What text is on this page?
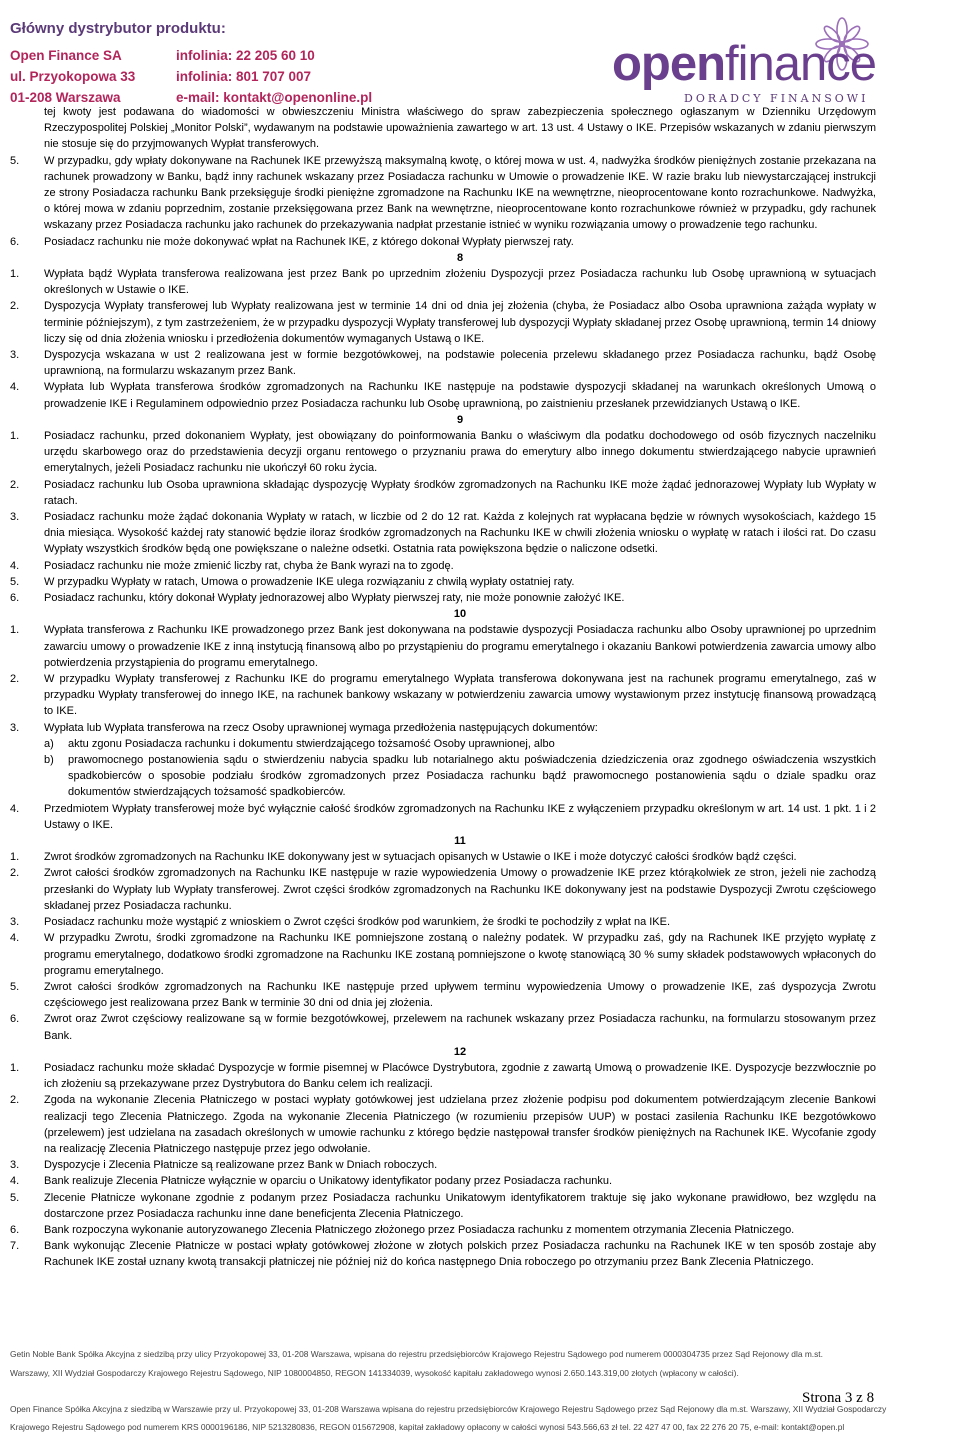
Główny dystrybutor produktu:
Open Finance SA	infolinia: 22 205 60 10
ul. Przyokopowa 33	infolinia: 801 707 007
01-208 Warszawa	e-mail: kontakt@openonline.pl
openfinance
DORADCY FINANSOWI
tej kwoty jest podawana do wiadomości w obwieszczeniu Ministra właściwego do spraw zabezpieczenia społecznego ogłaszanym w Dzienniku Urzędowym Rzeczypospolitej Polskiej „Monitor Polski”, wydawanym na podstawie upoważnienia zawartego w art. 13 ust. 4 Ustawy o IKE. Przepisów wskazanych w zdaniu pierwszym nie stosuje się do przyjmowanych Wypłat transferowych.
5.	W przypadku, gdy wpłaty dokonywane na Rachunek IKE przewyższą maksymalną kwotę, o której mowa w ust. 4, nadwyżka środków pieniężnych zostanie przekazana na rachunek prowadzony w Banku, bądź inny rachunek wskazany przez Posiadacza rachunku w Umowie o prowadzenie IKE. W razie braku lub niewystarczającej instrukcji ze strony Posiadacza rachunku Bank przeksięguje środki pieniężne zgromadzone na Rachunku IKE na wewnętrzne, nieoprocentowane konto rozrachunkowe. Nadwyżka, o której mowa w zdaniu poprzednim, zostanie przeksięgowana przez Bank na wewnętrzne, nieoprocentowane konto rozrachunkowe również w przypadku, gdy rachunek wskazany przez Posiadacza rachunku jako rachunek do przekazywania nadpłat przestanie istnieć w wyniku rozwiązania umowy o prowadzenie tego rachunku.
6.	Posiadacz rachunku nie może dokonywać wpłat na Rachunek IKE, z którego dokonał Wypłaty pierwszej raty.
8
1.	Wypłata bądź Wypłata transferowa realizowana jest przez Bank po uprzednim złożeniu Dyspozycji przez Posiadacza rachunku lub Osobę uprawnioną w sytuacjach określonych w Ustawie o IKE.
2.	Dyspozycja Wypłaty transferowej lub Wypłaty realizowana jest w terminie 14 dni od dnia jej złożenia (chyba, że Posiadacz albo Osoba uprawniona zażąda wypłaty w terminie późniejszym), z tym zastrzeżeniem, że w przypadku dyspozycji Wypłaty transferowej lub dyspozycji Wypłaty składanej przez Osobę uprawnioną, termin 14 dniowy liczy się od dnia złożenia wniosku i przedłożenia dokumentów wymaganych Ustawą o IKE.
3.	Dyspozycja wskazana w ust 2 realizowana jest w formie bezgotówkowej, na podstawie polecenia przelewu składanego przez Posiadacza rachunku, bądź Osobę uprawnioną, na formularzu wskazanym przez Bank.
4.	Wypłata lub Wypłata transferowa środków zgromadzonych na Rachunku IKE następuje na podstawie dyspozycji składanej na warunkach określonych Umową o prowadzenie IKE i Regulaminem odpowiednio przez Posiadacza rachunku lub Osobę uprawnioną, po zaistnieniu przesłanek przewidzianych Ustawą o IKE.
9
1.	Posiadacz rachunku, przed dokonaniem Wypłaty, jest obowiązany do poinformowania Banku o właściwym dla podatku dochodowego od osób fizycznych naczelniku urzędu skarbowego oraz do przedstawienia decyzji organu rentowego o przyznaniu prawa do emerytury albo innego dokumentu stwierdzającego nabycie uprawnień emerytalnych, jeżeli Posiadacz rachunku nie ukończył 60 roku życia.
2.	Posiadacz rachunku lub Osoba uprawniona składając dyspozycję Wypłaty środków zgromadzonych na Rachunku IKE może żądać jednorazowej Wypłaty lub Wypłaty w ratach.
3.	Posiadacz rachunku może żądać dokonania Wypłaty w ratach, w liczbie od 2 do 12 rat. Każda z kolejnych rat wypłacana będzie w równych wysokościach, każdego 15 dnia miesiąca. Wysokość każdej raty stanowić będzie iloraz środków zgromadzonych na Rachunku IKE w chwili złożenia wniosku o wypłatę w ratach i ilości rat. Do czasu Wypłaty wszystkich środków będą one powiększane o należne odsetki. Ostatnia rata powiększona będzie o naliczone odsetki.
4.	Posiadacz rachunku nie może zmienić liczby rat, chyba że Bank wyrazi na to zgodę.
5.	W przypadku Wypłaty w ratach, Umowa o prowadzenie IKE ulega rozwiązaniu z chwilą wypłaty ostatniej raty.
6.	Posiadacz rachunku, który dokonał Wypłaty jednorazowej albo Wypłaty pierwszej raty, nie może ponownie założyć IKE.
10
1.	Wypłata transferowa z Rachunku IKE prowadzonego przez Bank jest dokonywana na podstawie dyspozycji Posiadacza rachunku albo Osoby uprawnionej po uprzednim zawarciu umowy o prowadzenie IKE z inną instytucją finansową albo po przystąpieniu do programu emerytalnego i okazaniu Bankowi potwierdzenia zawarcia umowy albo potwierdzenia przystąpienia do programu emerytalnego.
2.	W przypadku Wypłaty transferowej z Rachunku IKE do programu emerytalnego Wypłata transferowa dokonywana jest na rachunek programu emerytalnego, zaś w przypadku Wypłaty transferowej do innego IKE, na rachunek bankowy wskazany w potwierdzeniu zawarcia umowy wystawionym przez instytucję finansową prowadzącą to IKE.
3.	Wypłata lub Wypłata transferowa na rzecz Osoby uprawnionej wymaga przedłożenia następujących dokumentów:
a)	aktu zgonu Posiadacza rachunku i dokumentu stwierdzającego tożsamość Osoby uprawnionej, albo
b)	prawomocnego postanowienia sądu o stwierdzeniu nabycia spadku lub notarialnego aktu poświadczenia dziedziczenia oraz zgodnego oświadczenia wszystkich spadkobierców o sposobie podziału środków zgromadzonych przez Posiadacza rachunku bądź prawomocnego postanowienia sądu o dziale spadku oraz dokumentów stwierdzających tożsamość spadkobierców.
4.	Przedmiotem Wypłaty transferowej może być wyłącznie całość środków zgromadzonych na Rachunku IKE z wyłączeniem przypadku określonym w art. 14 ust. 1 pkt. 1 i 2 Ustawy o IKE.
11
1.	Zwrot środków zgromadzonych na Rachunku IKE dokonywany jest w sytuacjach opisanych w Ustawie o IKE i może dotyczyć całości środków bądź części.
2.	Zwrot całości środków zgromadzonych na Rachunku IKE następuje w razie wypowiedzenia Umowy o prowadzenie IKE przez którąkolwiek ze stron, jeżeli nie zachodzą przesłanki do Wypłaty lub Wypłaty transferowej. Zwrot części środków zgromadzonych na Rachunku IKE dokonywany jest na podstawie Dyspozycji Zwrotu częściowego składanej przez Posiadacza rachunku.
3.	Posiadacz rachunku może wystąpić z wnioskiem o Zwrot części środków pod warunkiem, że środki te pochodziły z wpłat na IKE.
4.	W przypadku Zwrotu, środki zgromadzone na Rachunku IKE pomniejszone zostaną o należny podatek. W przypadku zaś, gdy na Rachunek IKE przyjęto wypłatę z programu emerytalnego, dodatkowo środki zgromadzone na Rachunku IKE zostaną pomniejszone o kwotę stanowiącą 30 % sumy składek podstawowych wpłaconych do programu emerytalnego.
5.	Zwrot całości środków zgromadzonych na Rachunku IKE następuje przed upływem terminu wypowiedzenia Umowy o prowadzenie IKE, zaś dyspozycja Zwrotu częściowego jest realizowana przez Bank w terminie 30 dni od dnia jej złożenia.
6.	Zwrot oraz Zwrot częściowy realizowane są w formie bezgotówkowej, przelewem na rachunek wskazany przez Posiadacza rachunku, na formularzu stosowanym przez Bank.
12
1.	Posiadacz rachunku może składać Dyspozycje w formie pisemnej w Placówce Dystrybutora, zgodnie z zawartą Umową o prowadzenie IKE. Dyspozycje bezzwłocznie po ich złożeniu są przekazywane przez Dystrybutora do Banku celem ich realizacji.
2.	Zgoda na wykonanie Zlecenia Płatniczego w postaci wypłaty gotówkowej jest udzielana przez złożenie podpisu pod dokumentem potwierdzającym zlecenie Bankowi realizacji tego Zlecenia Płatniczego. Zgoda na wykonanie Zlecenia Płatniczego (w rozumieniu przepisów UUP) w postaci zasilenia Rachunku IKE bezgotówkowo (przelewem) jest udzielana na zasadach określonych w umowie rachunku z którego będzie następował transfer środków pieniężnych na Rachunek IKE. Wycofanie zgody na realizację Zlecenia Płatniczego następuje przez jego odwołanie.
3.	Dyspozycje i Zlecenia Płatnicze są realizowane przez Bank w Dniach roboczych.
4.	Bank realizuje Zlecenia Płatnicze wyłącznie w oparciu o Unikatowy identyfikator podany przez Posiadacza rachunku.
5.	Zlecenie Płatnicze wykonane zgodnie z podanym przez Posiadacza rachunku Unikatowym identyfikatorem traktuje się jako wykonane prawidłowo, bez względu na dostarczone przez Posiadacza rachunku inne dane beneficjenta Zlecenia Płatniczego.
6.	Bank rozpoczyna wykonanie autoryzowanego Zlecenia Płatniczego złożonego przez Posiadacza rachunku z momentem otrzymania Zlecenia Płatniczego.
7.	Bank wykonując Zlecenie Płatnicze w postaci wpłaty gotówkowej złożone w złotych polskich przez Posiadacza rachunku na Rachunek IKE w ten sposób zostaje aby Rachunek IKE został uznany kwotą transakcji płatniczej nie później niż do końca następnego Dnia roboczego po otrzymaniu przez Bank Zlecenia Płatniczego.
Getin Noble Bank Spółka Akcyjna z siedzibą przy ulicy Przyokopowej 33, 01-208 Warszawa, wpisana do rejestru przedsiębiorców Krajowego Rejestru Sądowego pod numerem 0000304735 przez Sąd Rejonowy dla m.st.
Warszawy, XII Wydział Gospodarczy Krajowego Rejestru Sądowego, NIP 1080004850, REGON 141334039, wysokość kapitału zakładowego wynosi 2.650.143.319,00 złotych (wpłacony w całości).
Strona 3 z 8
Open Finance Spółka Akcyjna z siedzibą w Warszawie przy ul. Przyokopowej 33, 01-208 Warszawa wpisana do rejestru przedsiębiorców Krajowego Rejestru Sądowego przez Sąd Rejonowy dla m.st. Warszawy, XII Wydział Gospodarczy
Krajowego Rejestru Sądowego pod numerem KRS 0000196186, NIP 5213280836, REGON 015672908, kapitał zakładowy opłacony w całości wynosi 543.566,63 zł tel. 22 427 47 00, fax 22 276 20 75, e-mail: kontakt@open.pl
